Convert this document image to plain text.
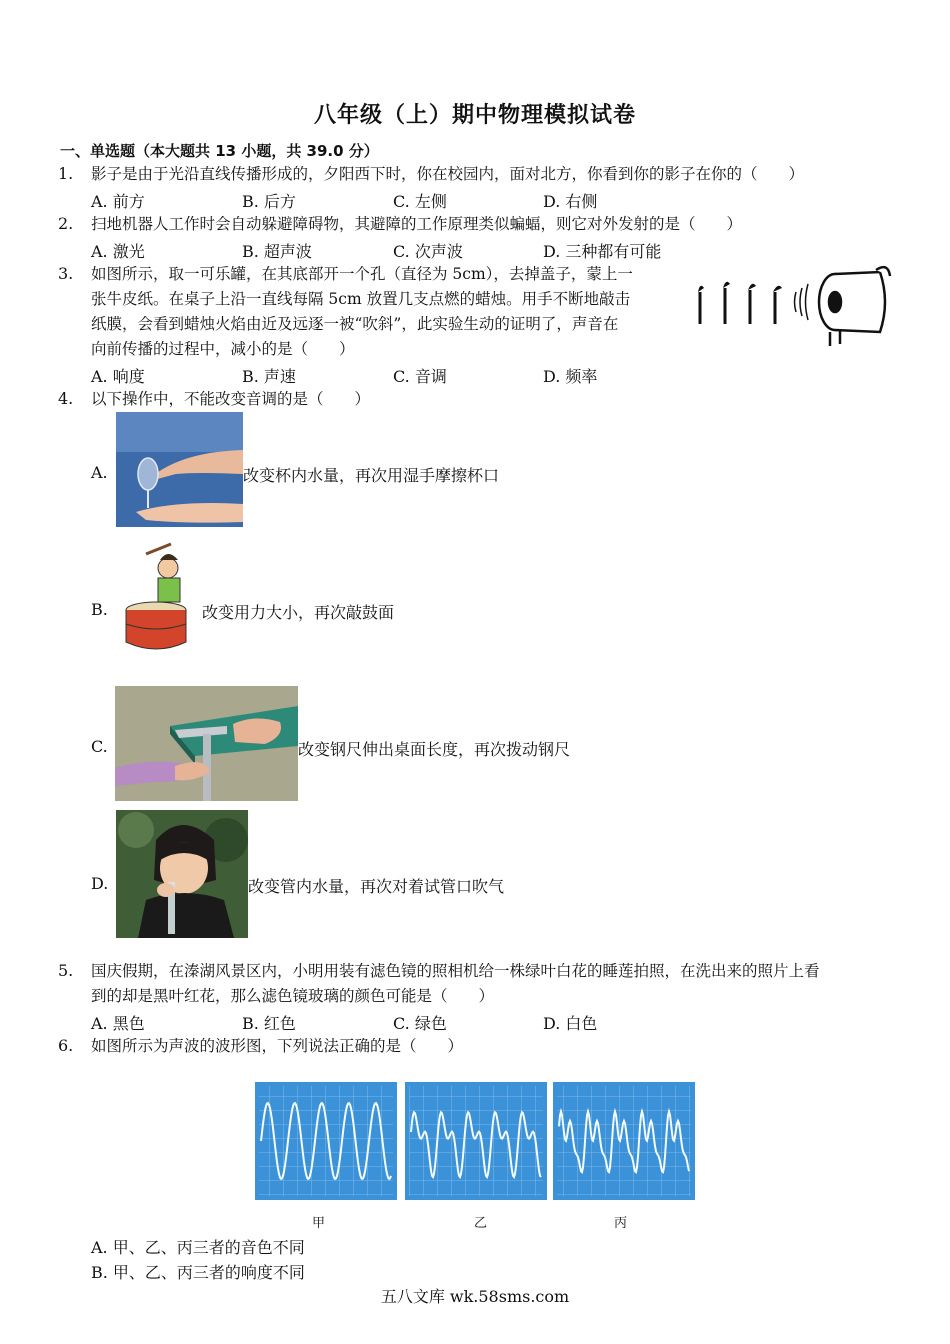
八年级（上）期中物理模拟试卷
一、单选题（本大题共 13 小题，共 39.0 分）
1. 影子是由于光沿直线传播形成的，夕阳西下时，你在校园内，面对北方，你看到你的影子在你的（　　）
A. 前方	B. 后方	C. 左侧	D. 右侧
2. 扫地机器人工作时会自动躲避障碍物，其避障的工作原理类似蝙蝠，则它对外发射的是（　　）
A. 激光	B. 超声波	C. 次声波	D. 三种都有可能
3. 如图所示，取一可乐罐，在其底部开一个孔（直径为 5cm），去掉盖子，蒙上一
张牛皮纸。在桌子上沿一直线每隔 5cm 放置几支点燃的蜡烛。用手不断地敲击
纸膜，会看到蜡烛火焰由近及远逐一被“吹斜”，此实验生动的证明了，声音在
向前传播的过程中，减小的是（　　）
A. 响度	B. 声速	C. 音调	D. 频率
4. 以下操作中，不能改变音调的是（　　）
A.	改变杯内水量，再次用湿手摩擦杯口
B.	改变用力大小，再次敲鼓面
C.	改变钢尺伸出桌面长度，再次拨动钢尺
D.	改变管内水量，再次对着试管口吹气
5. 国庆假期，在溱湖风景区内，小明用装有滤色镜的照相机给一株绿叶白花的睡莲拍照，在洗出来的照片上看
到的却是黑叶红花，那么滤色镜玻璃的颜色可能是（　　）
A. 黑色	B. 红色	C. 绿色	D. 白色
6. 如图所示为声波的波形图，下列说法正确的是（　　）
甲	乙	丙
A. 甲、乙、丙三者的音色不同
B. 甲、乙、丙三者的响度不同
五八文库 wk.58sms.com
